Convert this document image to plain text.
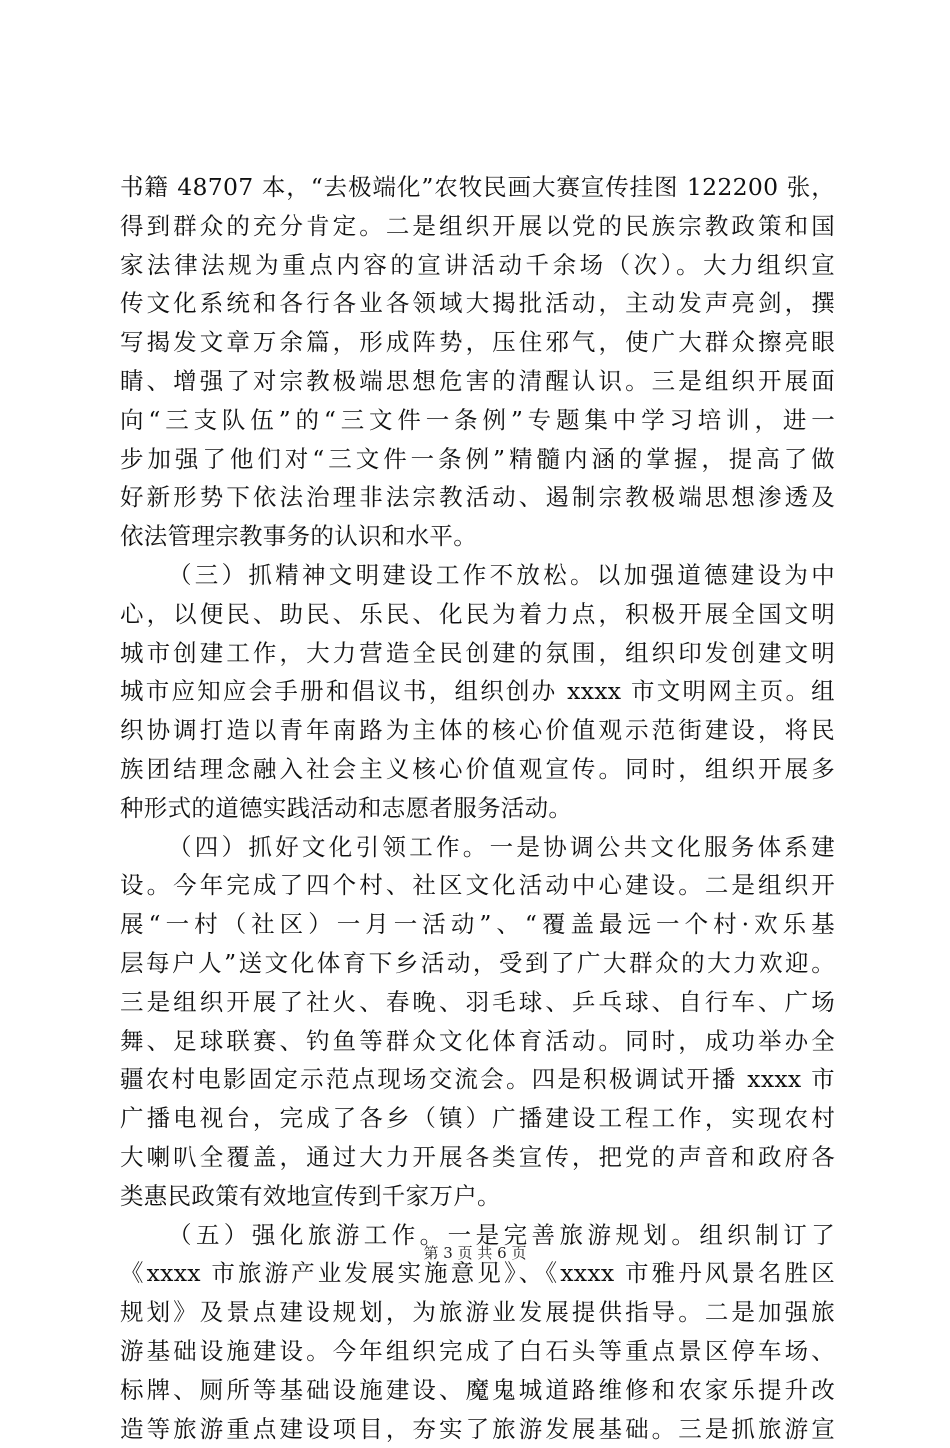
书籍 48707 本，“去极端化”农牧民画大赛宣传挂图 122200 张，
得到群众的充分肯定。二是组织开展以党的民族宗教政策和国
家法律法规为重点内容的宣讲活动千余场（次）。大力组织宣
传文化系统和各行各业各领域大揭批活动，主动发声亮剑，撰
写揭发文章万余篇，形成阵势，压住邪气，使广大群众擦亮眼
睛、增强了对宗教极端思想危害的清醒认识。三是组织开展面
向“三支队伍”的“三文件一条例”专题集中学习培训，进一
步加强了他们对“三文件一条例”精髓内涵的掌握，提高了做
好新形势下依法治理非法宗教活动、遏制宗教极端思想渗透及
依法管理宗教事务的认识和水平。
（三）抓精神文明建设工作不放松。以加强道德建设为中
心，以便民、助民、乐民、化民为着力点，积极开展全国文明
城市创建工作，大力营造全民创建的氛围，组织印发创建文明
城市应知应会手册和倡议书，组织创办 xxxx 市文明网主页。组
织协调打造以青年南路为主体的核心价值观示范街建设，将民
族团结理念融入社会主义核心价值观宣传。同时，组织开展多
种形式的道德实践活动和志愿者服务活动。
（四）抓好文化引领工作。一是协调公共文化服务体系建
设。今年完成了四个村、社区文化活动中心建设。二是组织开
展“一村（社区）一月一活动”、“覆盖最远一个村·欢乐基
层每户人”送文化体育下乡活动，受到了广大群众的大力欢迎。
三是组织开展了社火、春晚、羽毛球、乒乓球、自行车、广场
舞、足球联赛、钓鱼等群众文化体育活动。同时，成功举办全
疆农村电影固定示范点现场交流会。四是积极调试开播 xxxx 市
广播电视台，完成了各乡（镇）广播建设工程工作，实现农村
大喇叭全覆盖，通过大力开展各类宣传，把党的声音和政府各
类惠民政策有效地宣传到千家万户。
（五）强化旅游工作。一是完善旅游规划。组织制订了
《xxxx 市旅游产业发展实施意见》、《xxxx 市雅丹风景名胜区
规划》及景点建设规划，为旅游业发展提供指导。二是加强旅
游基础设施建设。今年组织完成了白石头等重点景区停车场、
标牌、厕所等基础设施建设、魔鬼城道路维修和农家乐提升改
造等旅游重点建设项目，夯实了旅游发展基础。三是抓旅游宣
第 3 页 共 6 页
